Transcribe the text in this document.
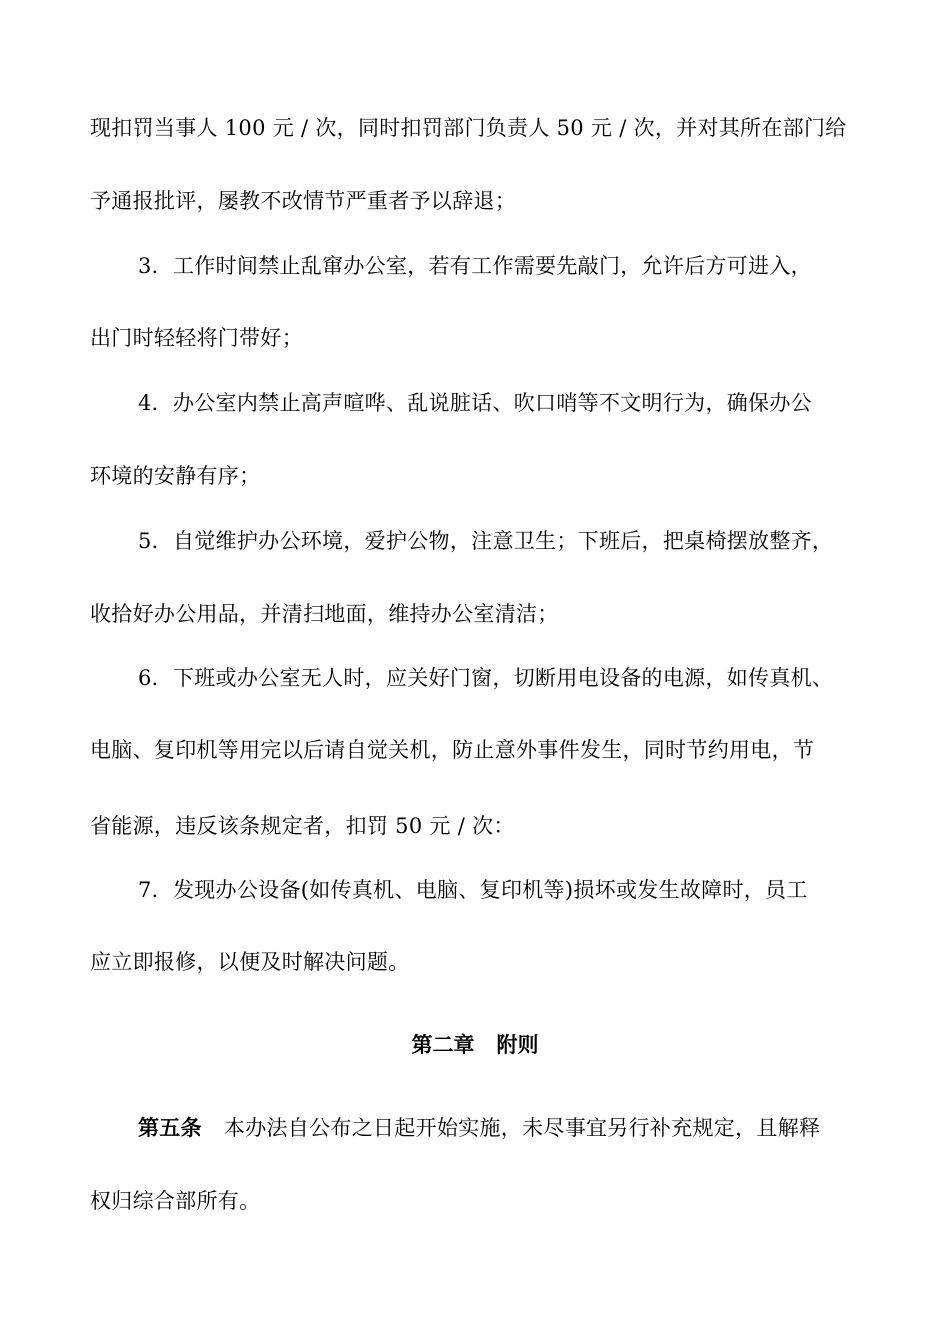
现扣罚当事人 100 元 / 次，同时扣罚部门负责人 50 元 / 次，并对其所在部门给
予通报批评，屡教不改情节严重者予以辞退；
3．工作时间禁止乱窜办公室，若有工作需要先敲门，允许后方可进入，
出门时轻轻将门带好；
4．办公室内禁止高声喧哗、乱说脏话、吹口哨等不文明行为，确保办公
环境的安静有序；
5．自觉维护办公环境，爱护公物，注意卫生；下班后，把桌椅摆放整齐，
收拾好办公用品，并清扫地面，维持办公室清洁；
6．下班或办公室无人时，应关好门窗，切断用电设备的电源，如传真机、
电脑、复印机等用完以后请自觉关机，防止意外事件发生，同时节约用电，节
省能源，违反该条规定者，扣罚 50 元 / 次：
7．发现办公设备(如传真机、电脑、复印机等)损坏或发生故障时，员工
应立即报修，以便及时解决问题。
第二章 附则
第五条 本办法自公布之日起开始实施，未尽事宜另行补充规定，且解释
权归综合部所有。
